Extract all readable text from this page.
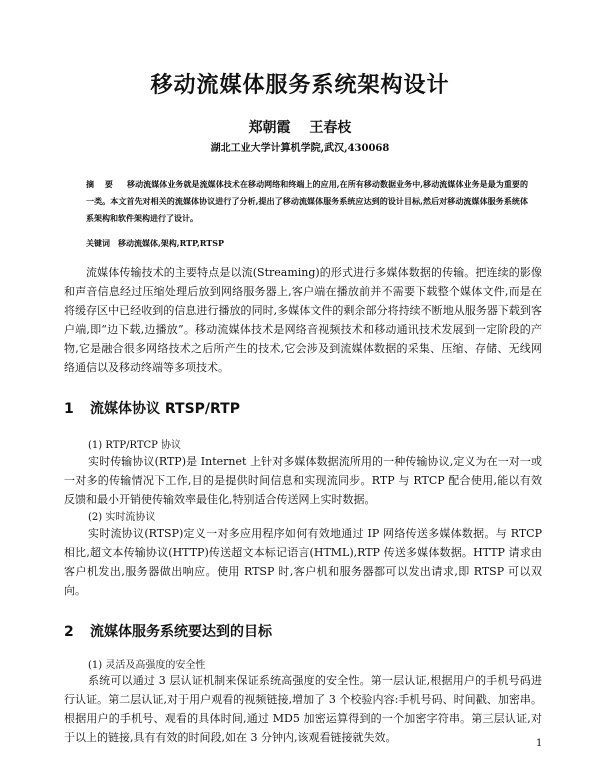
移动流媒体服务系统架构设计
郑朝霞 王春枝
湖北工业大学计算机学院,武汉,430068
摘 要 移动流媒体业务就是流媒体技术在移动网络和终端上的应用,在所有移动数据业务中,移动流媒体业务是最为重要的一类。本文首先对相关的流媒体协议进行了分析,提出了移动流媒体服务系统应达到的设计目标,然后对移动流媒体服务系统体系架构和软件架构进行了设计。
关键词 移动流媒体,架构,RTP,RTSP
流媒体传输技术的主要特点是以流(Streaming)的形式进行多媒体数据的传输。把连续的影像和声音信息经过压缩处理后放到网络服务器上,客户端在播放前并不需要下载整个媒体文件,而是在将缓存区中已经收到的信息进行播放的同时,多媒体文件的剩余部分将持续不断地从服务器下载到客户端,即“边下载,边播放”。移动流媒体技术是网络音视频技术和移动通讯技术发展到一定阶段的产物,它是融合很多网络技术之后所产生的技术,它会涉及到流媒体数据的采集、压缩、存储、无线网络通信以及移动终端等多项技术。
1 流媒体协议 RTSP/RTP
(1) RTP/RTCP 协议
实时传输协议(RTP)是 Internet 上针对多媒体数据流所用的一种传输协议,定义为在一对一或一对多的传输情况下工作,目的是提供时间信息和实现流同步。RTP 与 RTCP 配合使用,能以有效反馈和最小开销使传输效率最佳化,特别适合传送网上实时数据。
(2) 实时流协议
实时流协议(RTSP)定义一对多应用程序如何有效地通过 IP 网络传送多媒体数据。与 RTCP 相比,超文本传输协议(HTTP)传送超文本标记语言(HTML),RTP 传送多媒体数据。HTTP 请求由客户机发出,服务器做出响应。使用 RTSP 时,客户机和服务器都可以发出请求,即 RTSP 可以双向。
2 流媒体服务系统要达到的目标
(1) 灵活及高强度的安全性
系统可以通过 3 层认证机制来保证系统高强度的安全性。第一层认证,根据用户的手机号码进行认证。第二层认证,对于用户观看的视频链接,增加了 3 个校验内容:手机号码、时间戳、加密串。根据用户的手机号、观看的具体时间,通过 MD5 加密运算得到的一个加密字符串。第三层认证,对于以上的链接,具有有效的时间段,如在 3 分钟内,该观看链接就失效。	1
